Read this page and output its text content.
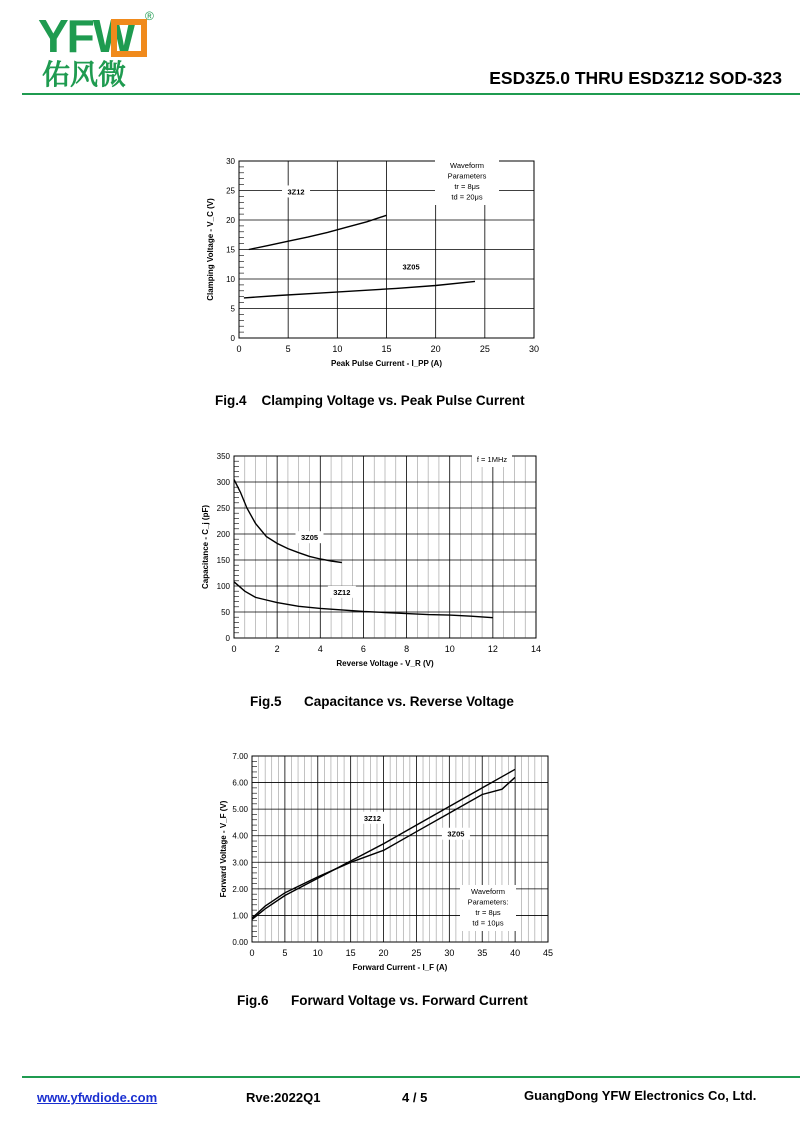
YFW ®
佑风微	ESD3Z5.0 THRU ESD3Z12 SOD-323
0	5	10	15	20	25	30
0
5
10
15
20
25
30
Peak Pulse Current - I_PP (A)
Clamping Voltage - V_C (V)
3Z12
3Z05
Waveform
Parameters
tr = 8μs
td = 20μs
Fig.4    Clamping Voltage vs. Peak Pulse Current
0	2	4	6	8	10	12	14
0
50
100
150
200
250
300
350
Reverse Voltage - V_R (V)
Capacitance - C_j (pF)	3Z05
3Z12
f = 1MHz
Fig.5      Capacitance vs. Reverse Voltage
0	5	10	15	20	25	30	35	40	45
0.00
1.00
2.00
3.00
4.00
5.00
6.00
7.00
Forward Current - I_F (A)
Forward Voltage - V_F (V)	3Z12
3Z05
Waveform
Parameters:
tr = 8μs
td = 10μs
Fig.6      Forward Voltage vs. Forward Current
www.yfwdiode.com	Rve:2022Q1	4 / 5	GuangDong YFW Electronics Co, Ltd.
